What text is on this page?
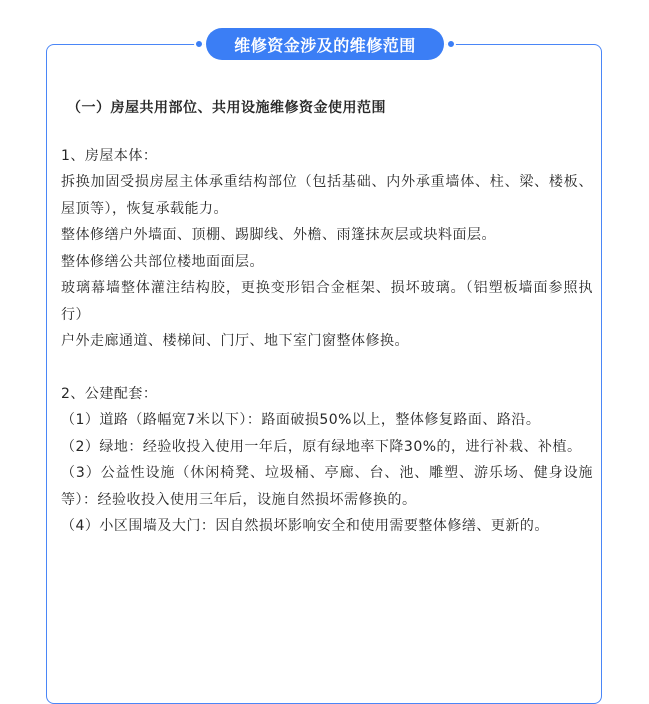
维修资金涉及的维修范围

（一）房屋共用部位、共用设施维修资金使用范围

1、房屋本体：

拆换加固受损房屋主体承重结构部位（包括基础、内外承重墙体、柱、梁、楼板、屋顶等），恢复承载能力。

整体修缮户外墙面、顶棚、踢脚线、外檐、雨篷抹灰层或块料面层。

整体修缮公共部位楼地面面层。

玻璃幕墙整体灌注结构胶，更换变形铝合金框架、损坏玻璃。（铝塑板墙面参照执行）

户外走廊通道、楼梯间、门厅、地下室门窗整体修换。

2、公建配套：

（1）道路（路幅宽7米以下）：路面破损50%以上，整体修复路面、路沿。

（2）绿地：经验收投入使用一年后，原有绿地率下降30%的，进行补栽、补植。

（3）公益性设施（休闲椅凳、垃圾桶、亭廊、台、池、雕塑、游乐场、健身设施等）：经验收投入使用三年后，设施自然损坏需修换的。

（4）小区围墙及大门：因自然损坏影响安全和使用需要整体修缮、更新的。
